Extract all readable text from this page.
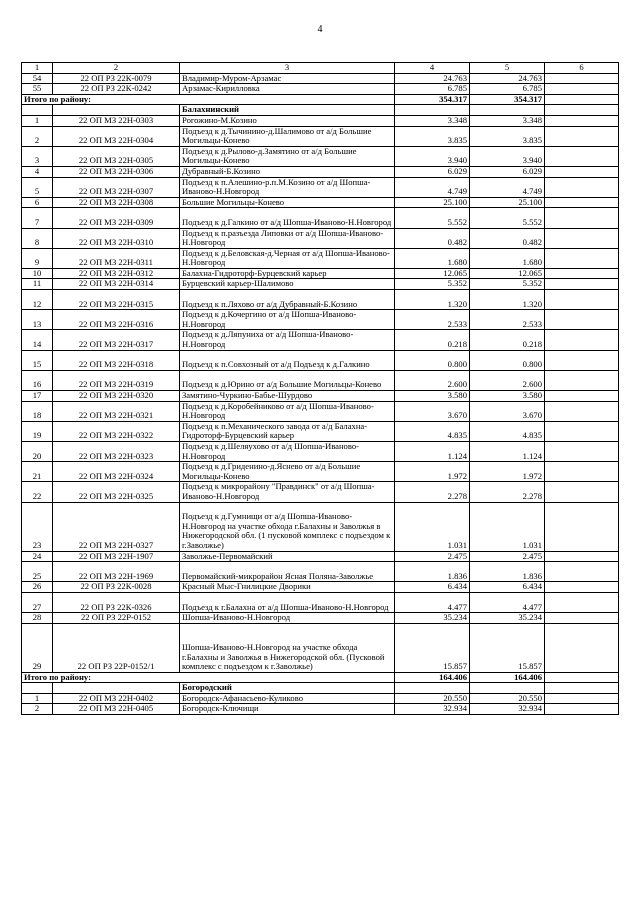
4
1	2	3	4	5	6
54	22 ОП РЗ 22К-0079	Владимир-Муром-Арзамас	24.763	24.763	
55	22 ОП РЗ 22К-0242	Арзамас-Кирилловка	6.785	6.785	
Итого по району:			354.317	354.317	
		Балахнинский			
1	22 ОП МЗ 22Н-0303	Рогожино-М.Козино	3.348	3.348	
2	22 ОП МЗ 22Н-0304	Подъезд к д.Тычинино-д.Шалимово от а/д Большие Могильцы-Конево	3.835	3.835	
3	22 ОП МЗ 22Н-0305	Подъезд к д.Рылово-д.Замятино от а/д Большие Могильцы-Конево	3.940	3.940	
4	22 ОП МЗ 22Н-0306	Дубравный-Б.Козино	6.029	6.029	
5	22 ОП МЗ 22Н-0307	Подъезд к п.Алешино-р.п.М.Козино от а/д Шопша-Иваново-Н.Новгород	4.749	4.749	
6	22 ОП МЗ 22Н-0308	Большие Могильцы-Конево	25.100	25.100	
7	22 ОП МЗ 22Н-0309	Подъезд к д.Галкино от а/д Шопша-Иваново-Н.Новгород	5.552	5.552	
8	22 ОП МЗ 22Н-0310	Подъезд к п.разъезда Липовки от а/д Шопша-Иваново-Н.Новгород	0.482	0.482	
9	22 ОП МЗ 22Н-0311	Подъезд к д.Беловская-д.Черная от а/д Шопша-Иваново-Н.Новгород	1.680	1.680	
10	22 ОП МЗ 22Н-0312	Балахна-Гидроторф-Бурцевский карьер	12.065	12.065	
11	22 ОП МЗ 22Н-0314	Бурцевский карьер-Шалимово	5.352	5.352	
12	22 ОП МЗ 22Н-0315	Подъезд к п.Ляхово от а/д Дубравный-Б.Козино	1.320	1.320	
13	22 ОП МЗ 22Н-0316	Подъезд к д.Кочергино от а/д Шопша-Иваново-Н.Новгород	2.533	2.533	
14	22 ОП МЗ 22Н-0317	Подъезд к д.Ляпуниха от а/д Шопша-Иваново-Н.Новгород	0.218	0.218	
15	22 ОП МЗ 22Н-0318	Подъезд к п.Совхозный от а/д Подъезд к д.Галкино	0.800	0.800	
16	22 ОП МЗ 22Н-0319	Подъезд к д.Юрино от а/д Большие Могильцы-Конево	2.600	2.600	
17	22 ОП МЗ 22Н-0320	Замятино-Чуркино-Бабье-Шурдово	3.580	3.580	
18	22 ОП МЗ 22Н-0321	Подъезд к д.Коробейниково от а/д Шопша-Иваново-Н.Новгород	3.670	3.670	
19	22 ОП МЗ 22Н-0322	Подъезд к п.Механического завода от а/д Балахна-Гидроторф-Бурцевский карьер	4.835	4.835	
20	22 ОП МЗ 22Н-0323	Подъезд к д.Шеляухово от а/д Шопша-Иваново-Н.Новгород	1.124	1.124	
21	22 ОП МЗ 22Н-0324	Подъезд к д.Гриденино-д.Яснево от а/д Большие Могильцы-Конево	1.972	1.972	
22	22 ОП МЗ 22Н-0325	Подъезд к микрорайону "Правдинск" от а/д Шопша-Иваново-Н.Новгород	2.278	2.278	
23	22 ОП МЗ 22Н-0327	Подъезд к д.Гумнищи от а/д Шопша-Иваново-Н.Новгород на участке обхода г.Балахны и Заволжья в Нижегородской обл. (1 пусковой комплекс с подъездом к г.Заволжье)	1.031	1.031	
24	22 ОП МЗ 22Н-1907	Заволжье-Первомайский	2.475	2.475	
25	22 ОП МЗ 22Н-1969	Первомайский-микрорайон Ясная Поляна-Заволжье	1.836	1.836	
26	22 ОП РЗ 22К-0028	Красный Мыс-Гнилицкие Дворики	6.434	6.434	
27	22 ОП РЗ 22К-0326	Подъезд к г.Балахна от а/д Шопша-Иваново-Н.Новгород	4.477	4.477	
28	22 ОП РЗ 22Р-0152	Шопша-Иваново-Н.Новгород	35.234	35.234	
29	22 ОП РЗ 22Р-0152/1	Шопша-Иваново-Н.Новгород на участке обхода г.Балахны и Заволжья в Нижегородской обл. (Пусковой комплекс с подъездом к г.Заволжье)	15.857	15.857	
Итого по району:			164.406	164.406	
		Богородский			
1	22 ОП МЗ 22Н-0402	Богородск-Афанасьево-Куликово	20.550	20.550	
2	22 ОП МЗ 22Н-0405	Богородск-Ключищи	32.934	32.934	
